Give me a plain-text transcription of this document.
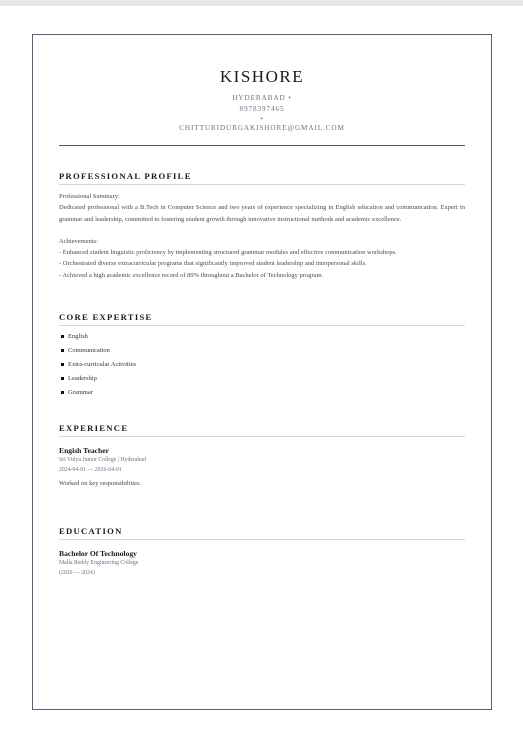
KISHORE
HYDERABAD •
8978397465
•
CHITTURIDURGAKISHORE@GMAIL.COM
PROFESSIONAL PROFILE
Professional Summary:
Dedicated professional with a B.Tech in Computer Science and two years of experience specializing in English education and communication. Expert in grammar and leadership, committed to fostering student growth through innovative instructional methods and academic excellence.
Achievements:
- Enhanced student linguistic proficiency by implementing structured grammar modules and effective communication workshops.
- Orchestrated diverse extracurricular programs that significantly improved student leadership and interpersonal skills.
- Achieved a high academic excellence record of 89% throughout a Bachelor of Technology program.
CORE EXPERTISE
English
Communication
Extra-curricular Activities
Leadership
Grammar
EXPERIENCE
Engish Teacher
Sri Vidya Junior College | Hyderabad
2024-04-01 — 2026-04-01
Worked on key responsibilities.
EDUCATION
Bachelor Of Technology
Malla Reddy Engineering College
(2020 — 2024)
